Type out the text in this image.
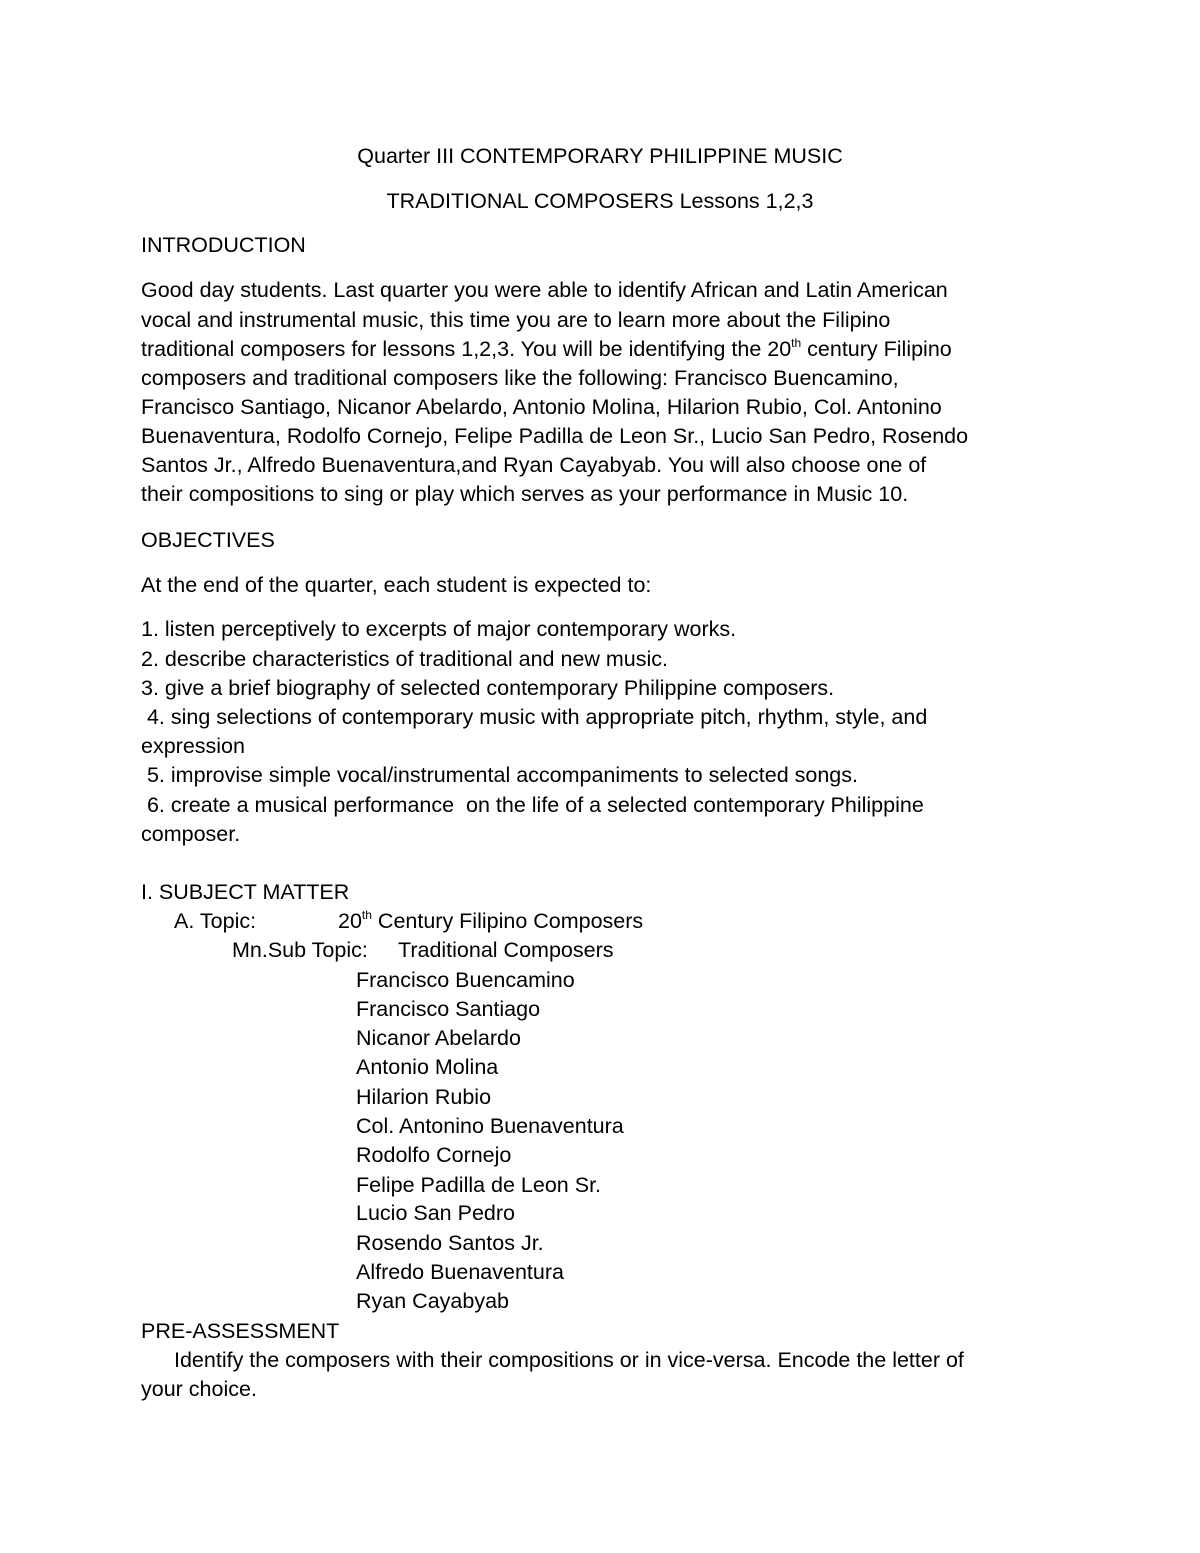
Quarter III CONTEMPORARY PHILIPPINE MUSIC
TRADITIONAL COMPOSERS Lessons 1,2,3
INTRODUCTION
Good day students. Last quarter you were able to identify African and Latin American
vocal and instrumental music, this time you are to learn more about the Filipino
traditional composers for lessons 1,2,3. You will be identifying the 20th century Filipino
composers and traditional composers like the following: Francisco Buencamino,
Francisco Santiago, Nicanor Abelardo, Antonio Molina, Hilarion Rubio, Col. Antonino
Buenaventura, Rodolfo Cornejo, Felipe Padilla de Leon Sr., Lucio San Pedro, Rosendo
Santos Jr., Alfredo Buenaventura,and Ryan Cayabyab. You will also choose one of
their compositions to sing or play which serves as your performance in Music 10.
OBJECTIVES
At the end of the quarter, each student is expected to:
1. listen perceptively to excerpts of major contemporary works.
2. describe characteristics of traditional and new music.
3. give a brief biography of selected contemporary Philippine composers.
4. sing selections of contemporary music with appropriate pitch, rhythm, style, and
expression
5. improvise simple vocal/instrumental accompaniments to selected songs.
6. create a musical performance  on the life of a selected contemporary Philippine
composer.
I. SUBJECT MATTER
A. Topic:	20th Century Filipino Composers
Mn.Sub Topic: Traditional Composers
Francisco Buencamino
Francisco Santiago
Nicanor Abelardo
Antonio Molina
Hilarion Rubio
Col. Antonino Buenaventura
Rodolfo Cornejo
Felipe Padilla de Leon Sr.
Lucio San Pedro
Rosendo Santos Jr.
Alfredo Buenaventura
Ryan Cayabyab
PRE-ASSESSMENT
Identify the composers with their compositions or in vice-versa. Encode the letter of
your choice.
